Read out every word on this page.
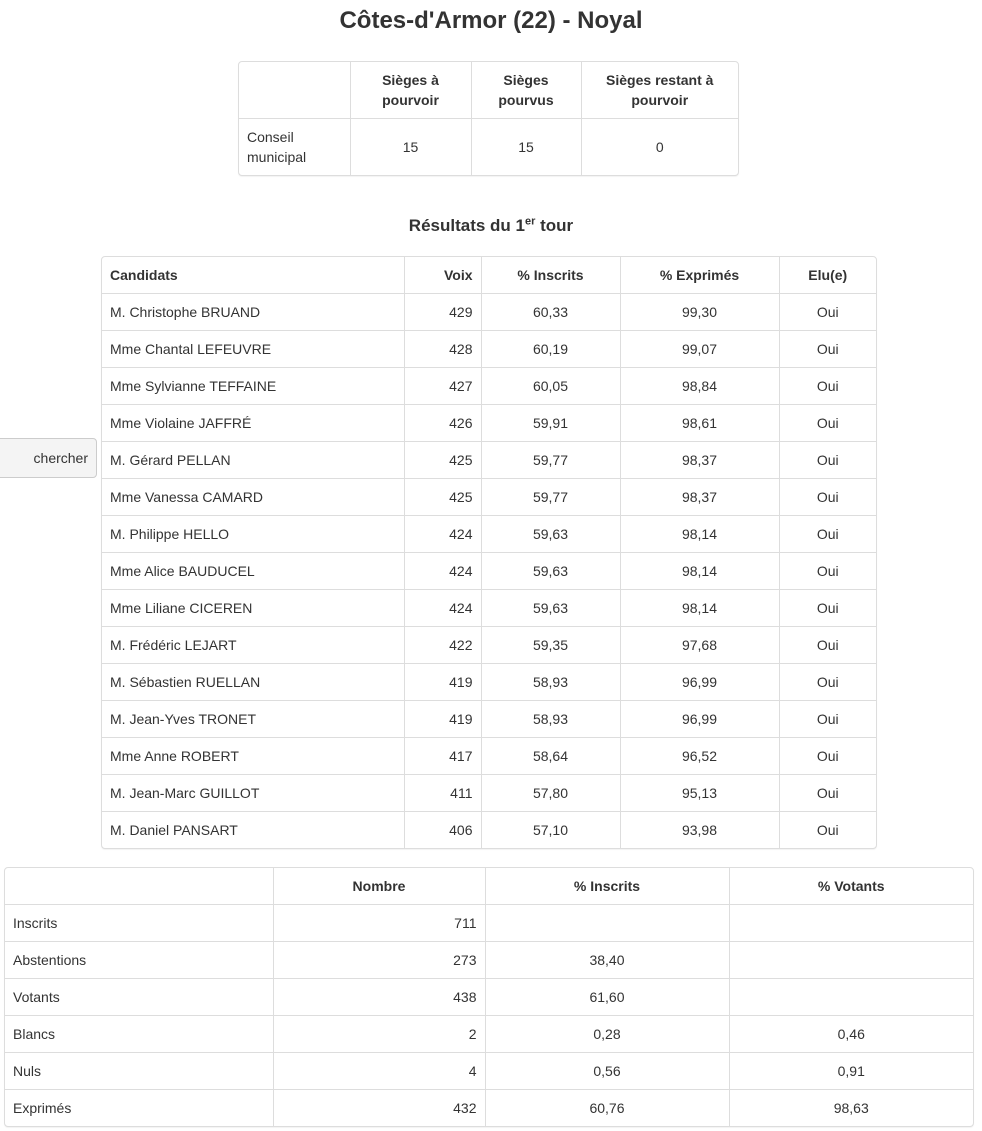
Côtes-d'Armor (22) - Noyal
	Sièges à pourvoir	Sièges pourvus	Sièges restant à pourvoir
Conseil municipal	15	15	0
Résultats du 1er tour
chercher
Candidats	Voix	% Inscrits	% Exprimés	Elu(e)
M. Christophe BRUAND	429	60,33	99,30	Oui
Mme Chantal LEFEUVRE	428	60,19	99,07	Oui
Mme Sylvianne TEFFAINE	427	60,05	98,84	Oui
Mme Violaine JAFFRÉ	426	59,91	98,61	Oui
M. Gérard PELLAN	425	59,77	98,37	Oui
Mme Vanessa CAMARD	425	59,77	98,37	Oui
M. Philippe HELLO	424	59,63	98,14	Oui
Mme Alice BAUDUCEL	424	59,63	98,14	Oui
Mme Liliane CICEREN	424	59,63	98,14	Oui
M. Frédéric LEJART	422	59,35	97,68	Oui
M. Sébastien RUELLAN	419	58,93	96,99	Oui
M. Jean-Yves TRONET	419	58,93	96,99	Oui
Mme Anne ROBERT	417	58,64	96,52	Oui
M. Jean-Marc GUILLOT	411	57,80	95,13	Oui
M. Daniel PANSART	406	57,10	93,98	Oui
	Nombre	% Inscrits	% Votants
Inscrits	711		
Abstentions	273	38,40	
Votants	438	61,60	
Blancs	2	0,28	0,46
Nuls	4	0,56	0,91
Exprimés	432	60,76	98,63
